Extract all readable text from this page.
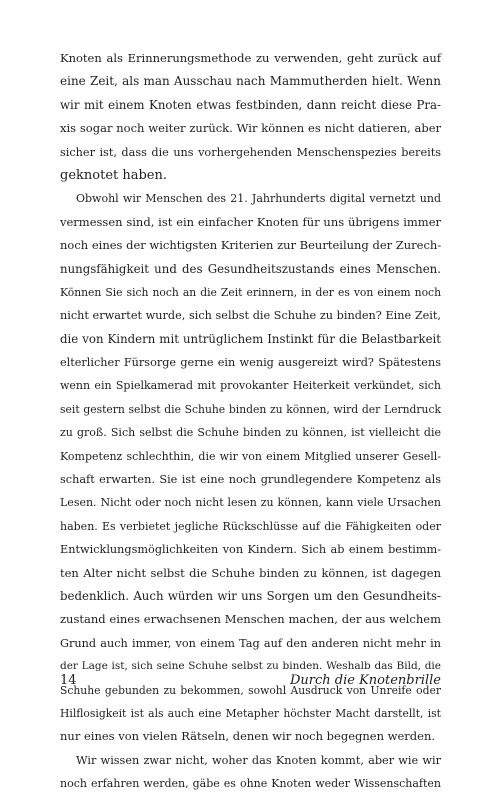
Knoten als Erinnerungsmethode zu verwenden, geht zurück auf
eine Zeit, als man Ausschau nach Mammutherden hielt. Wenn
wir mit einem Knoten etwas festbinden, dann reicht diese Pra-
xis sogar noch weiter zurück. Wir können es nicht datieren, aber
sicher ist, dass die uns vorhergehenden Menschenspezies bereits
geknotet haben.
Obwohl wir Menschen des 21. Jahrhunderts digital vernetzt und
vermessen sind, ist ein einfacher Knoten für uns übrigens immer
noch eines der wichtigsten Kriterien zur Beurteilung der Zurech-
nungsfähigkeit und des Gesundheitszustands eines Menschen.
Können Sie sich noch an die Zeit erinnern, in der es von einem noch
nicht erwartet wurde, sich selbst die Schuhe zu binden? Eine Zeit,
die von Kindern mit untrüglichem Instinkt für die Belastbarkeit
elterlicher Fürsorge gerne ein wenig ausgereizt wird? Spätestens
wenn ein Spielkamerad mit provokanter Heiterkeit verkündet, sich
seit gestern selbst die Schuhe binden zu können, wird der Lerndruck
zu groß. Sich selbst die Schuhe binden zu können, ist vielleicht die
Kompetenz schlechthin, die wir von einem Mitglied unserer Gesell-
schaft erwarten. Sie ist eine noch grundlegendere Kompetenz als
Lesen. Nicht oder noch nicht lesen zu können, kann viele Ursachen
haben. Es verbietet jegliche Rückschlüsse auf die Fähigkeiten oder
Entwicklungsmöglichkeiten von Kindern. Sich ab einem bestimm-
ten Alter nicht selbst die Schuhe binden zu können, ist dagegen
bedenklich. Auch würden wir uns Sorgen um den Gesundheits-
zustand eines erwachsenen Menschen machen, der aus welchem
Grund auch immer, von einem Tag auf den anderen nicht mehr in
der Lage ist, sich seine Schuhe selbst zu binden. Weshalb das Bild, die
Schuhe gebunden zu bekommen, sowohl Ausdruck von Unreife oder
Hilflosigkeit ist als auch eine Metapher höchster Macht darstellt, ist
nur eines von vielen Rätseln, denen wir noch begegnen werden.
Wir wissen zwar nicht, woher das Knoten kommt, aber wie wir
noch erfahren werden, gäbe es ohne Knoten weder Wissenschaften
14	Durch die Knotenbrille
